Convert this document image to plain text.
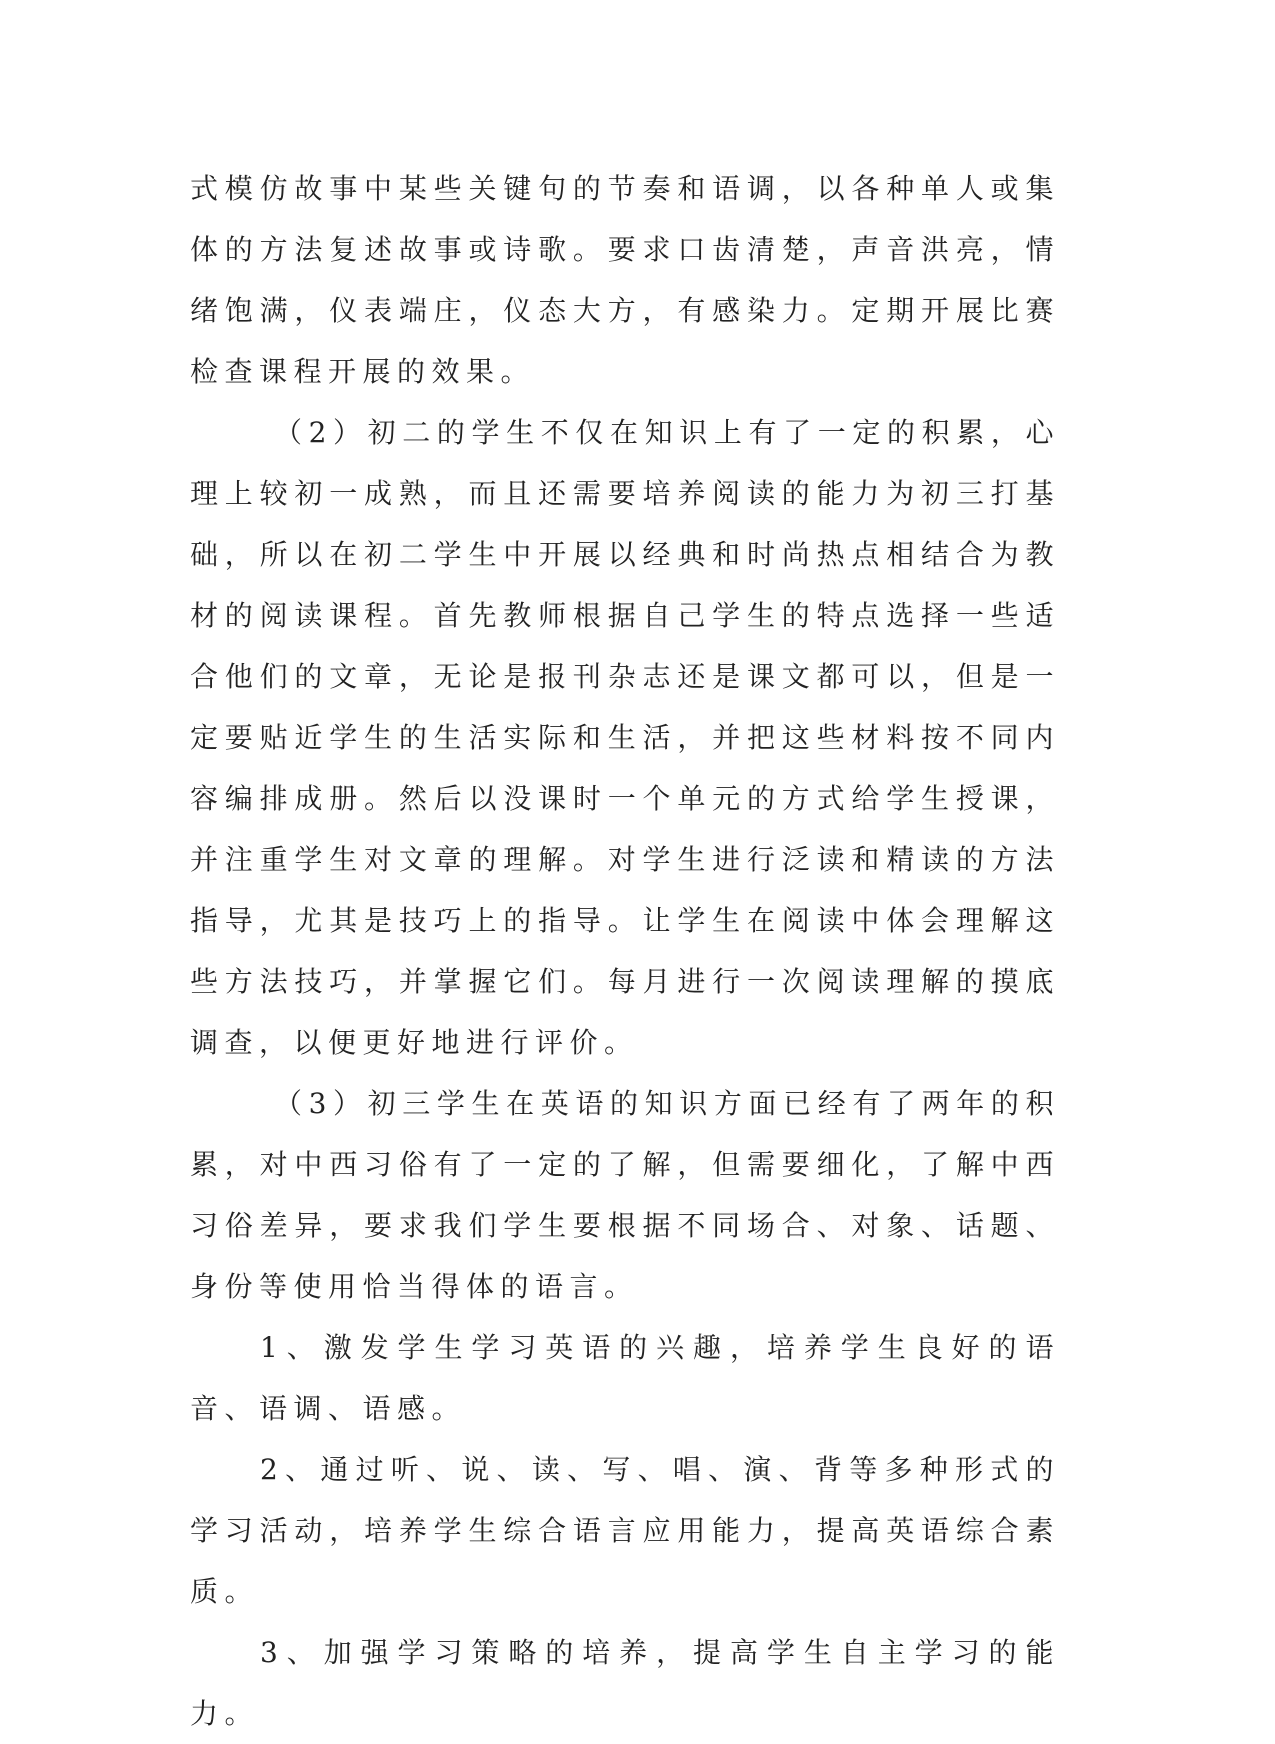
式模仿故事中某些关键句的节奏和语调，以各种单人或集体的方法复述故事或诗歌。要求口齿清楚，声音洪亮，情绪饱满，仪表端庄，仪态大方，有感染力。定期开展比赛检查课程开展的效果。

（2）初二的学生不仅在知识上有了一定的积累，心理上较初一成熟，而且还需要培养阅读的能力为初三打基础，所以在初二学生中开展以经典和时尚热点相结合为教材的阅读课程。首先教师根据自己学生的特点选择一些适合他们的文章，无论是报刊杂志还是课文都可以，但是一定要贴近学生的生活实际和生活，并把这些材料按不同内容编排成册。然后以没课时一个单元的方式给学生授课，并注重学生对文章的理解。对学生进行泛读和精读的方法指导，尤其是技巧上的指导。让学生在阅读中体会理解这些方法技巧，并掌握它们。每月进行一次阅读理解的摸底调查，以便更好地进行评价。

（3）初三学生在英语的知识方面已经有了两年的积累，对中西习俗有了一定的了解，但需要细化，了解中西习俗差异，要求我们学生要根据不同场合、对象、话题、身份等使用恰当得体的语言。

1、激发学生学习英语的兴趣，培养学生良好的语音、语调、语感。

2、通过听、说、读、写、唱、演、背等多种形式的学习活动，培养学生综合语言应用能力，提高英语综合素质。

3、加强学习策略的培养，提高学生自主学习的能力。
